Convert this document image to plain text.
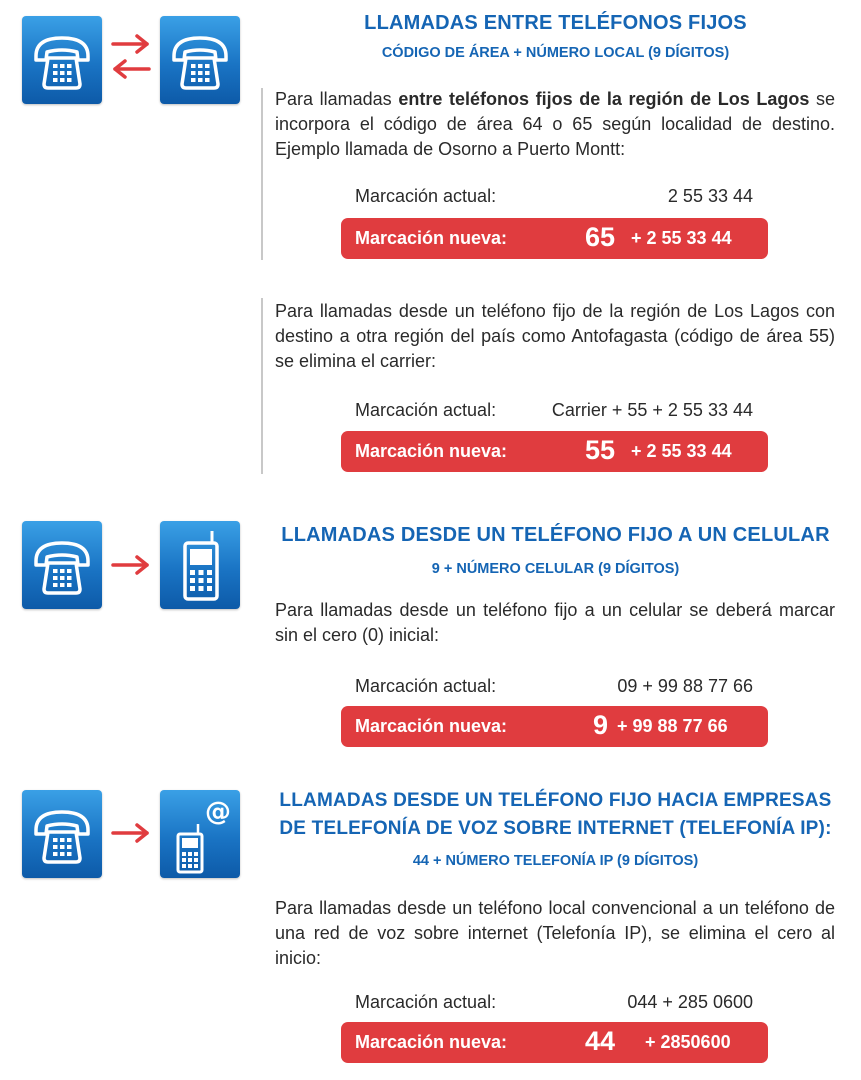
LLAMADAS ENTRE TELÉFONOS FIJOS
CÓDIGO DE ÁREA + NÚMERO LOCAL (9 DÍGITOS)
Para llamadas entre teléfonos fijos de la región de Los Lagos se incorpora el código de área 64 o 65 según localidad de destino. Ejemplo llamada de Osorno a Puerto Montt:
Marcación actual:	2 55 33 44
Marcación nueva:	65 + 2 55 33 44
Para llamadas desde un teléfono fijo de la región de Los Lagos con destino a otra región del país como Antofagasta (código de área 55) se elimina el carrier:
Marcación actual:	Carrier + 55 + 2 55 33 44
Marcación nueva:	55 + 2 55 33 44
LLAMADAS DESDE UN TELÉFONO FIJO A UN CELULAR
9 + NÚMERO CELULAR (9 DÍGITOS)
Para llamadas desde un teléfono fijo a un celular se deberá marcar sin el cero (0) inicial:
Marcación actual:	09 + 99 88 77 66
Marcación nueva:	9 + 99 88 77 66
LLAMADAS DESDE UN TELÉFONO FIJO HACIA EMPRESAS
DE TELEFONÍA DE VOZ SOBRE INTERNET (TELEFONÍA IP):
44 + NÚMERO TELEFONÍA IP (9 DÍGITOS)
Para llamadas desde un teléfono local convencional a un teléfono de una red de voz sobre internet (Telefonía IP), se elimina el cero al inicio:
Marcación actual:	044 + 285 0600
Marcación nueva:	44 + 2850600
